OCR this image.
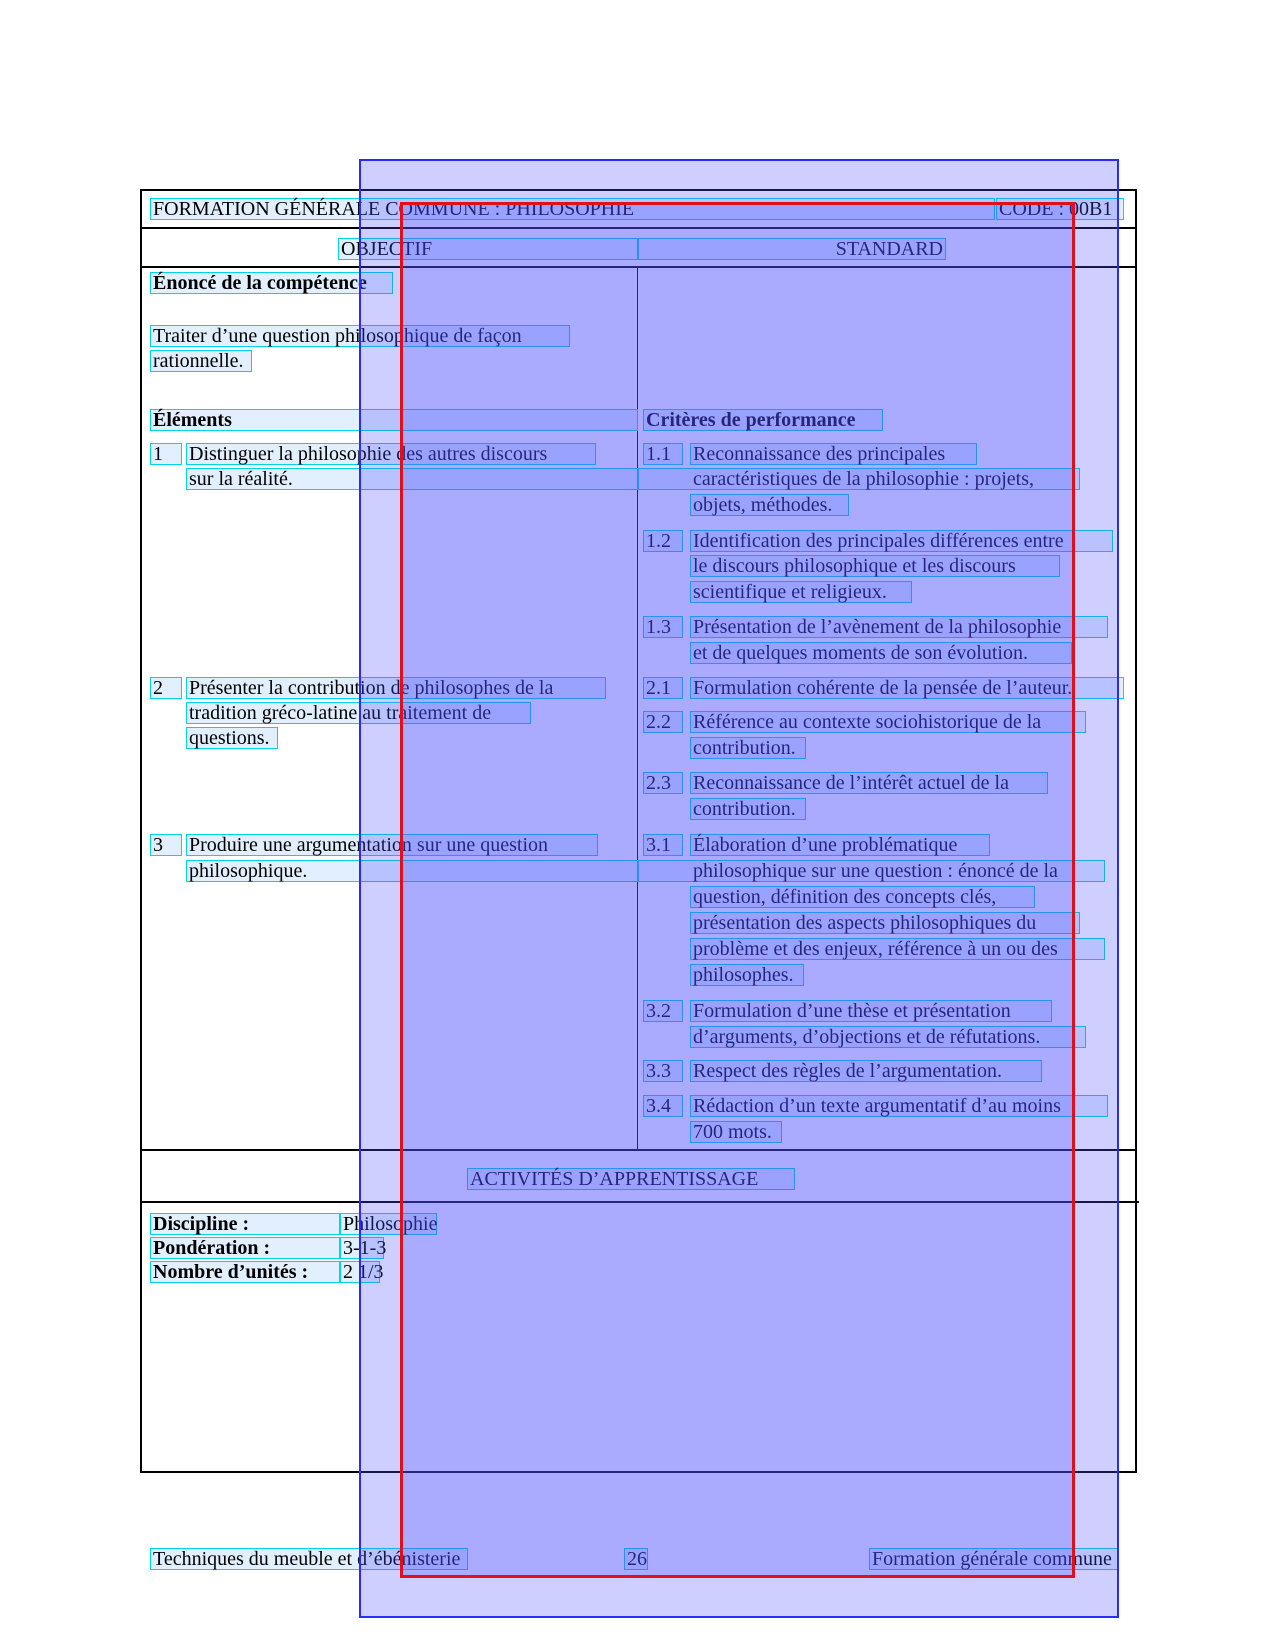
FORMATION GÉNÉRALE COMMUNE : PHILOSOPHIE	CODE : 00B1
OBJECTIF	STANDARD
Énoncé de la compétence
Traiter d’une question philosophique de façon
rationnelle.
Éléments	Critères de performance
1	Distinguer la philosophie des autres discours
sur la réalité.
1.1	Reconnaissance des principales
caractéristiques de la philosophie : projets,
objets, méthodes.
1.2	Identification des principales différences entre
le discours philosophique et les discours
scientifique et religieux.
1.3	Présentation de l’avènement de la philosophie
et de quelques moments de son évolution.
2	Présenter la contribution de philosophes de la
tradition gréco-latine au traitement de
questions.
2.1	Formulation cohérente de la pensée de l’auteur.
2.2	Référence au contexte sociohistorique de la
contribution.
2.3	Reconnaissance de l’intérêt actuel de la
contribution.
3	Produire une argumentation sur une question
philosophique.
3.1	Élaboration d’une problématique
philosophique sur une question : énoncé de la
question, définition des concepts clés,
présentation des aspects philosophiques du
problème et des enjeux, référence à un ou des
philosophes.
3.2	Formulation d’une thèse et présentation
d’arguments, d’objections et de réfutations.
3.3	Respect des règles de l’argumentation.
3.4	Rédaction d’un texte argumentatif d’au moins
700 mots.
ACTIVITÉS D’APPRENTISSAGE
Discipline :	Philosophie
Pondération :	3-1-3
Nombre d’unités :	2 1/3
Techniques du meuble et d’ébénisterie	26	Formation générale commune
